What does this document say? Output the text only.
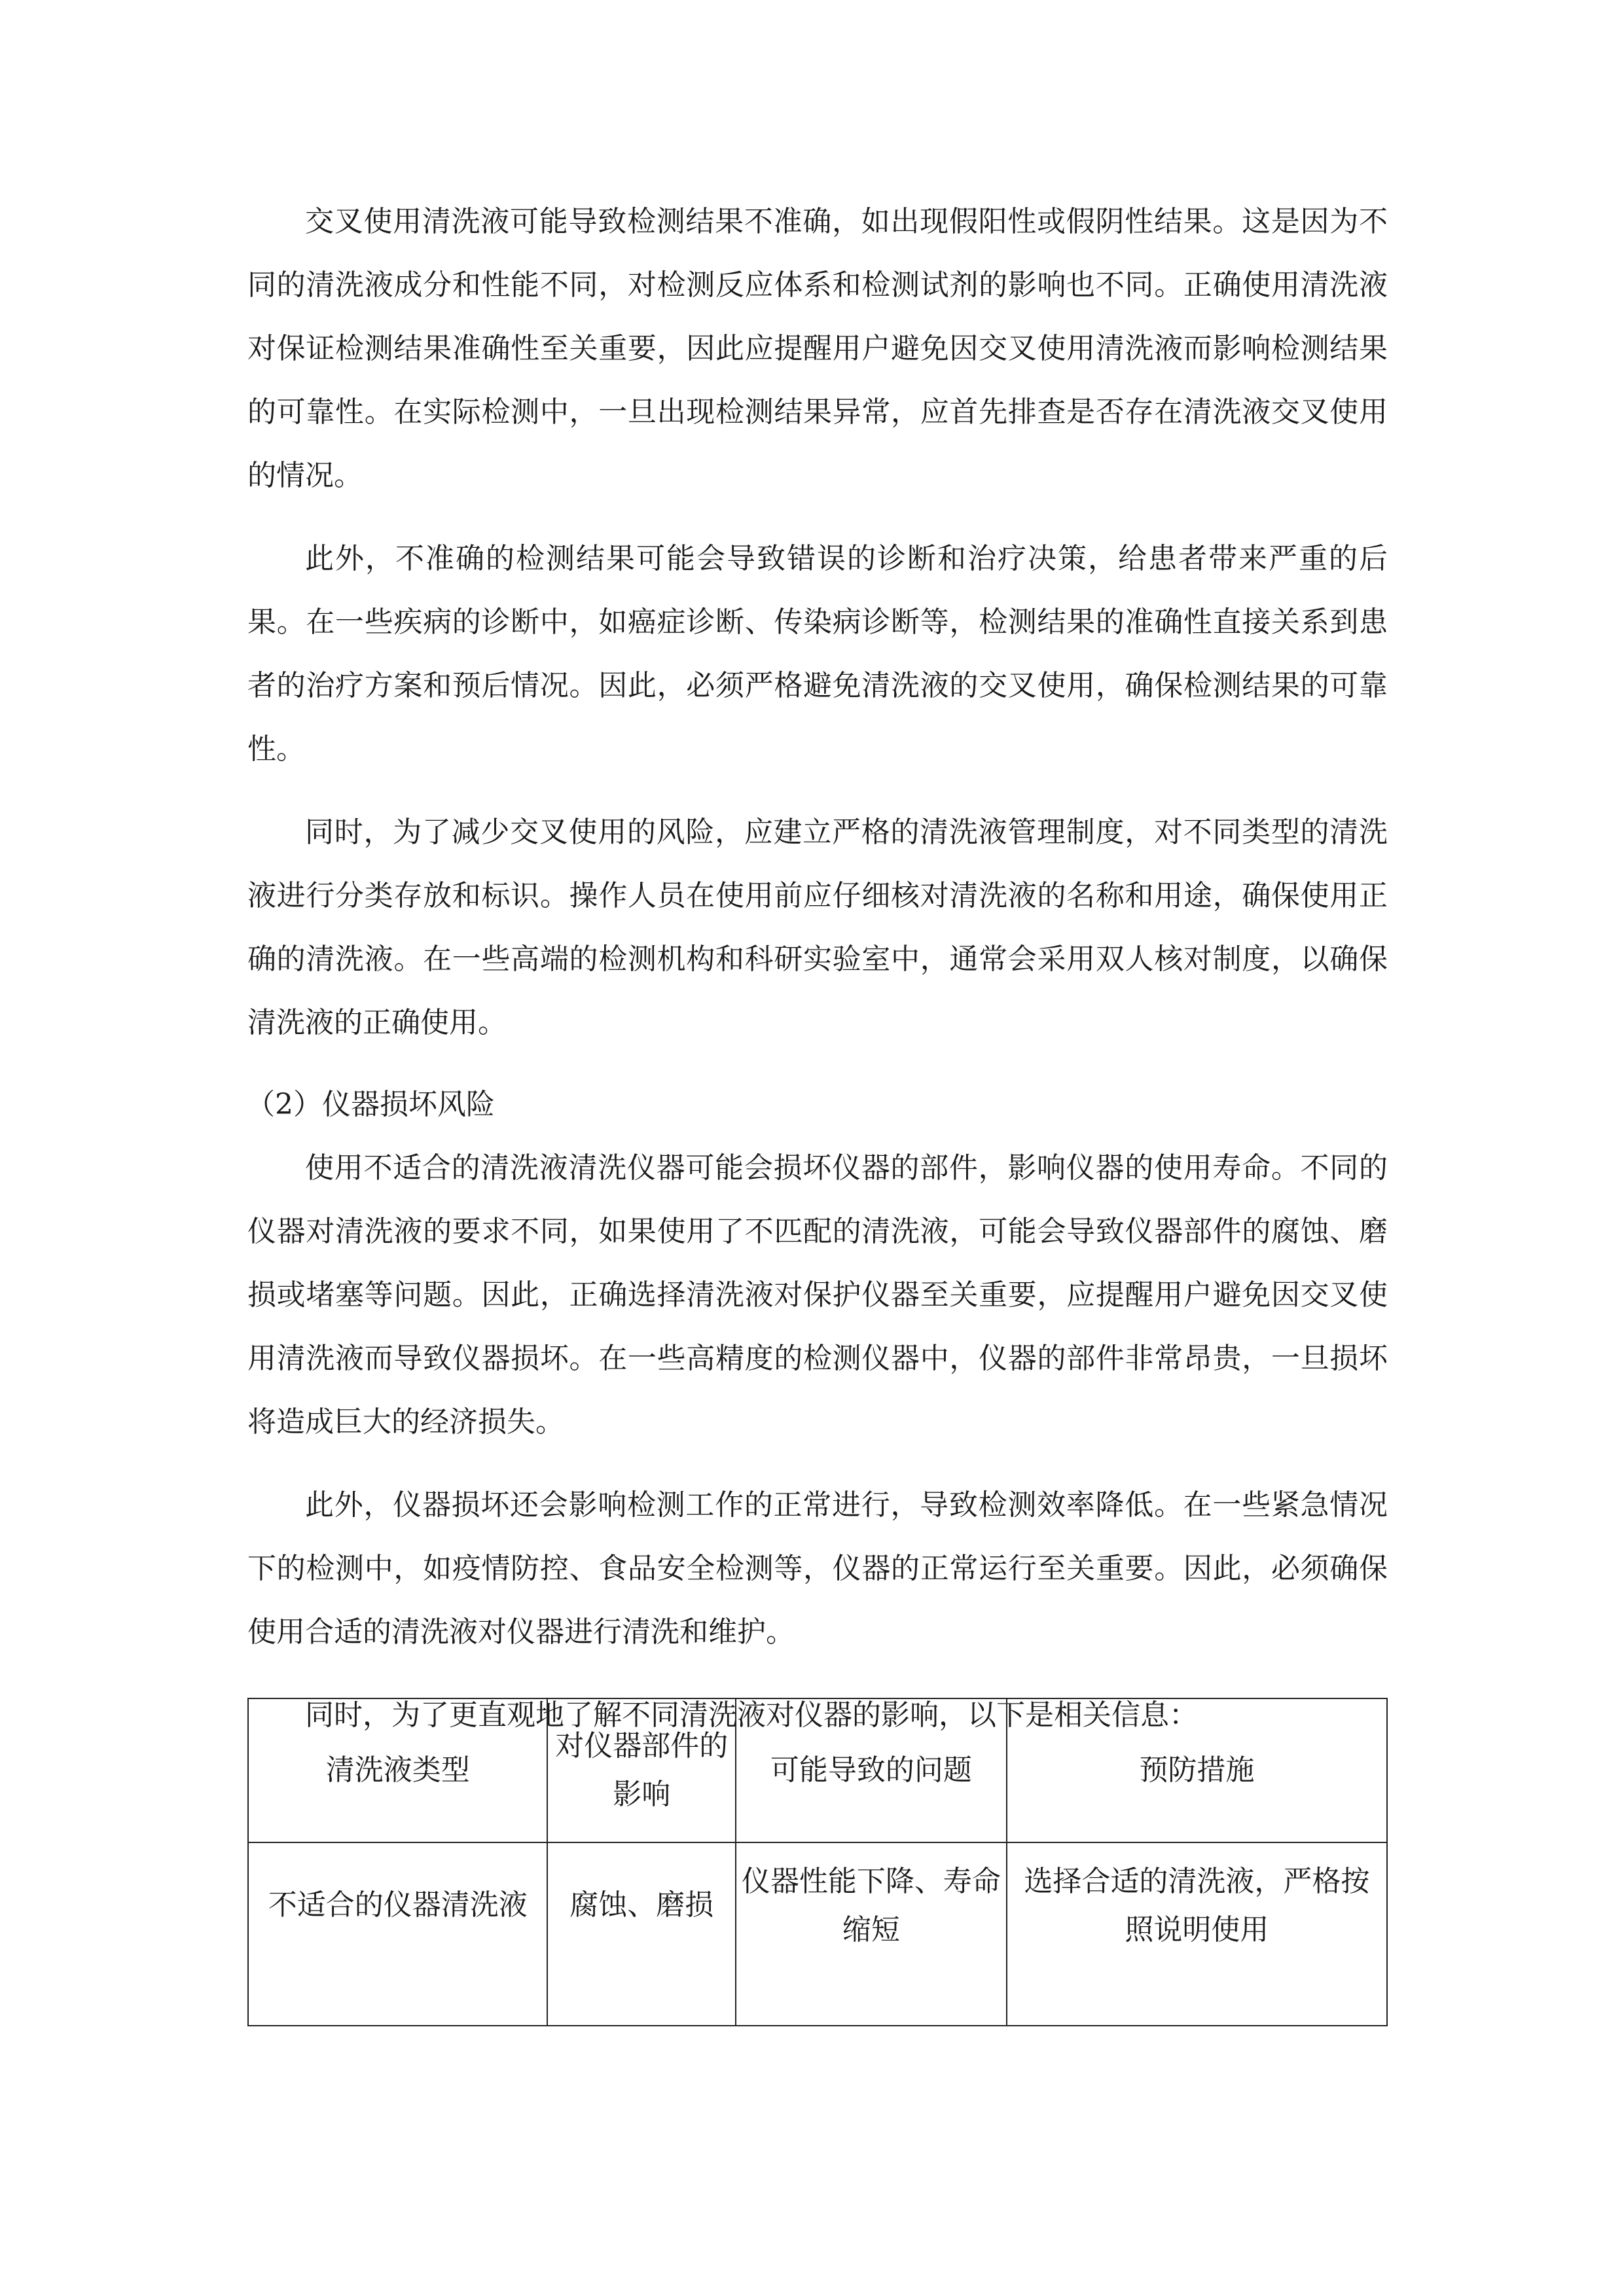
交叉使用清洗液可能导致检测结果不准确，如出现假阳性或假阴性结果。这是因为不同的清洗液成分和性能不同，对检测反应体系和检测试剂的影响也不同。正确使用清洗液对保证检测结果准确性至关重要，因此应提醒用户避免因交叉使用清洗液而影响检测结果的可靠性。在实际检测中，一旦出现检测结果异常，应首先排查是否存在清洗液交叉使用的情况。

此外，不准确的检测结果可能会导致错误的诊断和治疗决策，给患者带来严重的后果。在一些疾病的诊断中，如癌症诊断、传染病诊断等，检测结果的准确性直接关系到患者的治疗方案和预后情况。因此，必须严格避免清洗液的交叉使用，确保检测结果的可靠性。

同时，为了减少交叉使用的风险，应建立严格的清洗液管理制度，对不同类型的清洗液进行分类存放和标识。操作人员在使用前应仔细核对清洗液的名称和用途，确保使用正确的清洗液。在一些高端的检测机构和科研实验室中，通常会采用双人核对制度，以确保清洗液的正确使用。

（2）仪器损坏风险

使用不适合的清洗液清洗仪器可能会损坏仪器的部件，影响仪器的使用寿命。不同的仪器对清洗液的要求不同，如果使用了不匹配的清洗液，可能会导致仪器部件的腐蚀、磨损或堵塞等问题。因此，正确选择清洗液对保护仪器至关重要，应提醒用户避免因交叉使用清洗液而导致仪器损坏。在一些高精度的检测仪器中，仪器的部件非常昂贵，一旦损坏将造成巨大的经济损失。

此外，仪器损坏还会影响检测工作的正常进行，导致检测效率降低。在一些紧急情况下的检测中，如疫情防控、食品安全检测等，仪器的正常运行至关重要。因此，必须确保使用合适的清洗液对仪器进行清洗和维护。

同时，为了更直观地了解不同清洗液对仪器的影响，以下是相关信息：

清洗液类型	对仪器部件的影响	可能导致的问题	预防措施
不适合的仪器清洗液	腐蚀、磨损	仪器性能下降、寿命缩短	选择合适的清洗液，严格按照说明使用
